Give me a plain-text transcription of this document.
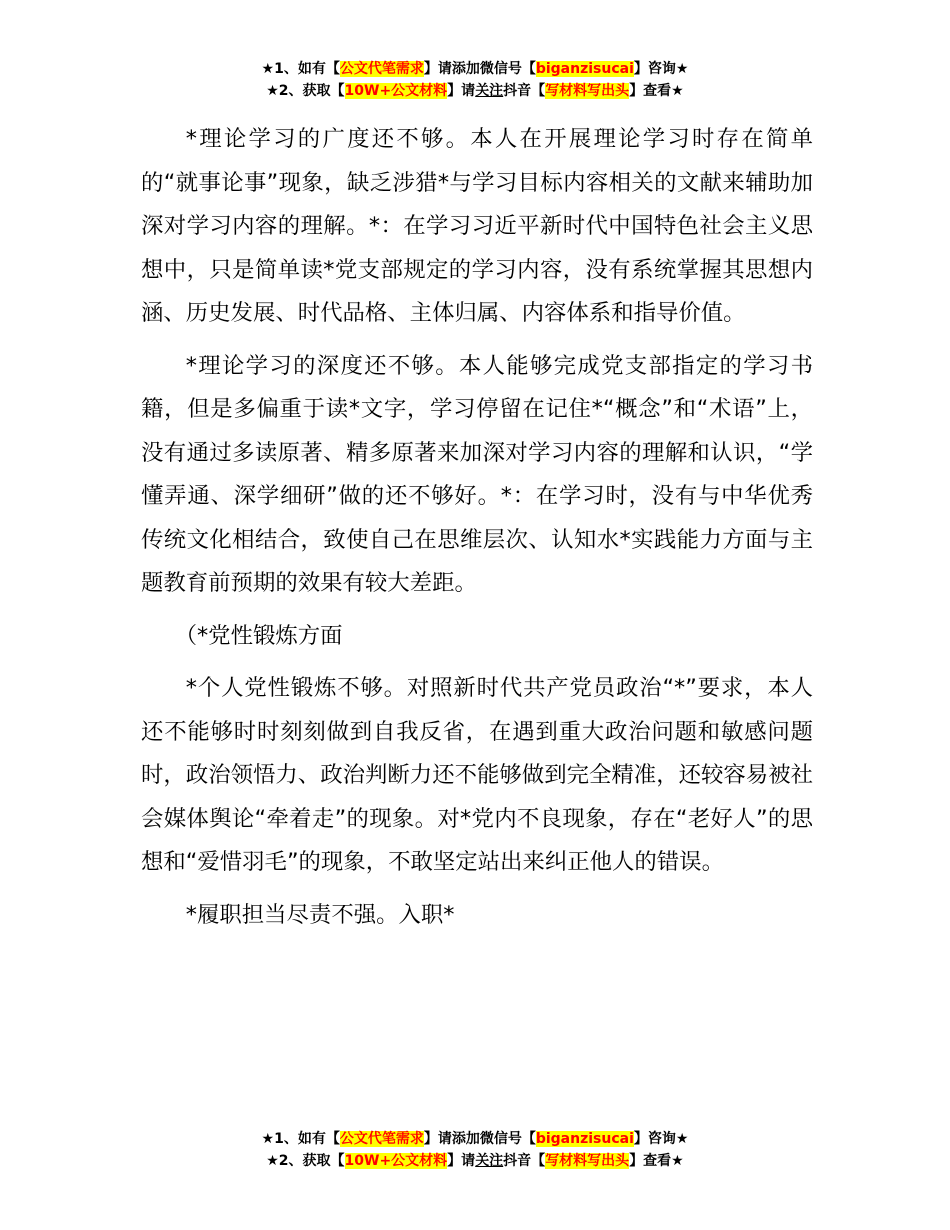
★1、如有【公文代笔需求】请添加微信号【biganzisucai】咨询★
★2、获取【10W+公文材料】请关注抖音【写材料写出头】查看★

*理论学习的广度还不够。本人在开展理论学习时存在简单的“就事论事”现象，缺乏涉猎*与学习目标内容相关的文献来辅助加深对学习内容的理解。*：在学习习近平新时代中国特色社会主义思想中，只是简单读*党支部规定的学习内容，没有系统掌握其思想内涵、历史发展、时代品格、主体归属、内容体系和指导价值。

*理论学习的深度还不够。本人能够完成党支部指定的学习书籍，但是多偏重于读*文字，学习停留在记住*“概念”和“术语”上，没有通过多读原著、精多原著来加深对学习内容的理解和认识，“学懂弄通、深学细研”做的还不够好。*：在学习时，没有与中华优秀传统文化相结合，致使自己在思维层次、认知水*实践能力方面与主题教育前预期的效果有较大差距。

（*党性锻炼方面

*个人党性锻炼不够。对照新时代共产党员政治“*”要求，本人还不能够时时刻刻做到自我反省，在遇到重大政治问题和敏感问题时，政治领悟力、政治判断力还不能够做到完全精准，还较容易被社会媒体舆论“牵着走”的现象。对*党内不良现象，存在“老好人”的思想和“爱惜羽毛”的现象，不敢坚定站出来纠正他人的错误。

*履职担当尽责不强。入职*

★1、如有【公文代笔需求】请添加微信号【biganzisucai】咨询★
★2、获取【10W+公文材料】请关注抖音【写材料写出头】查看★
